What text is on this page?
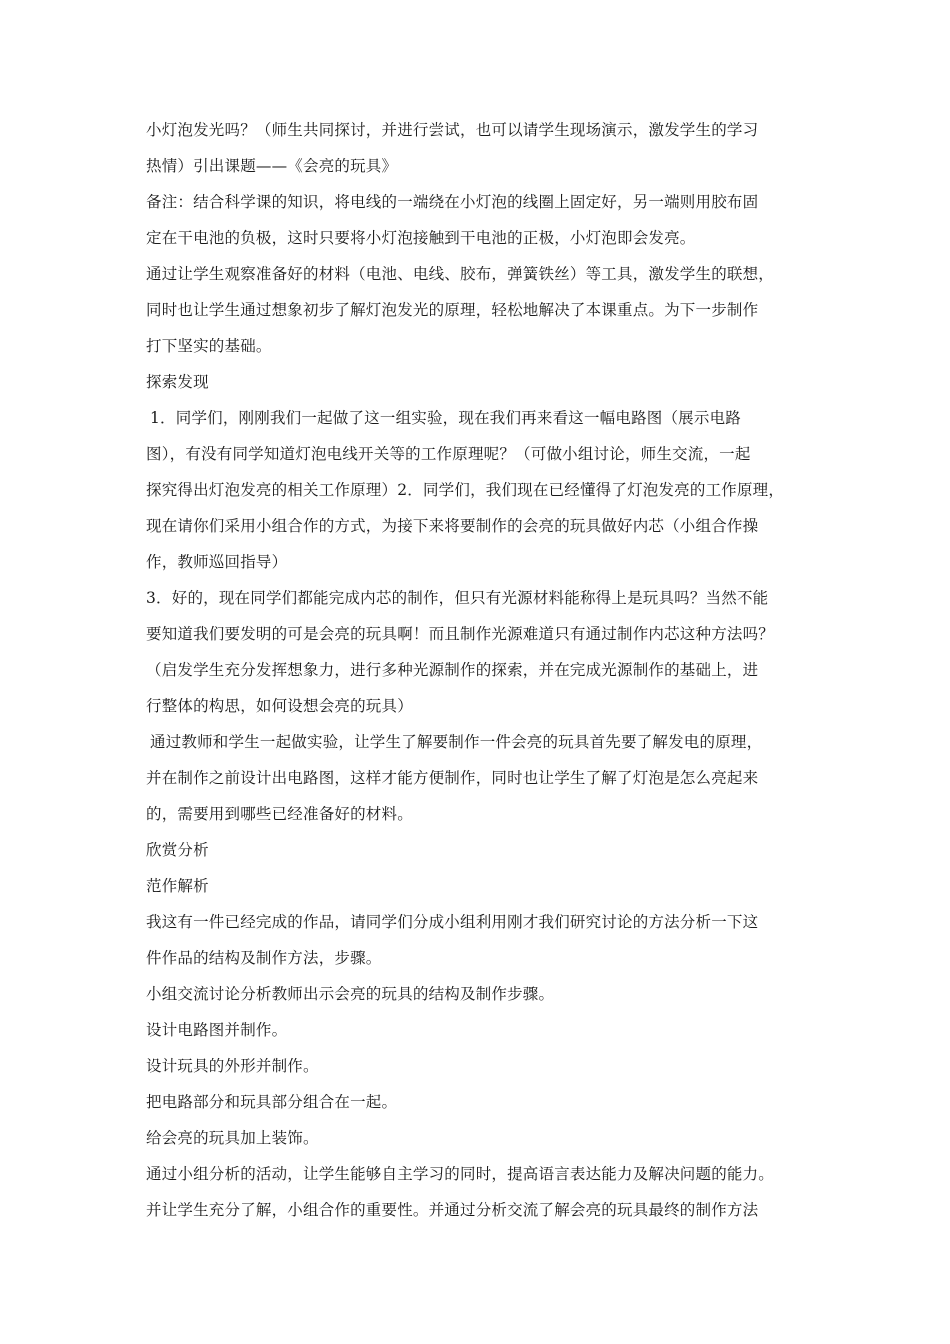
小灯泡发光吗？（师生共同探讨，并进行尝试，也可以请学生现场演示，激发学生的学习
热情）引出课题——《会亮的玩具》

备注：结合科学课的知识，将电线的一端绕在小灯泡的线圈上固定好，另一端则用胶布固
定在干电池的负极，这时只要将小灯泡接触到干电池的正极，小灯泡即会发亮。

通过让学生观察准备好的材料（电池、电线、胶布，弹簧铁丝）等工具，激发学生的联想，
同时也让学生通过想象初步了解灯泡发光的原理，轻松地解决了本课重点。为下一步制作
打下坚实的基础。

探索发现

1．同学们，刚刚我们一起做了这一组实验，现在我们再来看这一幅电路图（展示电路
图），有没有同学知道灯泡电线开关等的工作原理呢？（可做小组讨论，师生交流，一起
探究得出灯泡发亮的相关工作原理）2．同学们，我们现在已经懂得了灯泡发亮的工作原理，
现在请你们采用小组合作的方式，为接下来将要制作的会亮的玩具做好内芯（小组合作操
作，教师巡回指导）

3．好的，现在同学们都能完成内芯的制作，但只有光源材料能称得上是玩具吗？当然不能
要知道我们要发明的可是会亮的玩具啊！而且制作光源难道只有通过制作内芯这种方法吗？
（启发学生充分发挥想象力，进行多种光源制作的探索，并在完成光源制作的基础上，进
行整体的构思，如何设想会亮的玩具）

通过教师和学生一起做实验，让学生了解要制作一件会亮的玩具首先要了解发电的原理，
并在制作之前设计出电路图，这样才能方便制作，同时也让学生了解了灯泡是怎么亮起来
的，需要用到哪些已经准备好的材料。

欣赏分析

范作解析

我这有一件已经完成的作品，请同学们分成小组利用刚才我们研究讨论的方法分析一下这
件作品的结构及制作方法，步骤。

小组交流讨论分析教师出示会亮的玩具的结构及制作步骤。

设计电路图并制作。

设计玩具的外形并制作。

把电路部分和玩具部分组合在一起。

给会亮的玩具加上装饰。

通过小组分析的活动，让学生能够自主学习的同时，提高语言表达能力及解决问题的能力。
并让学生充分了解，小组合作的重要性。并通过分析交流了解会亮的玩具最终的制作方法
